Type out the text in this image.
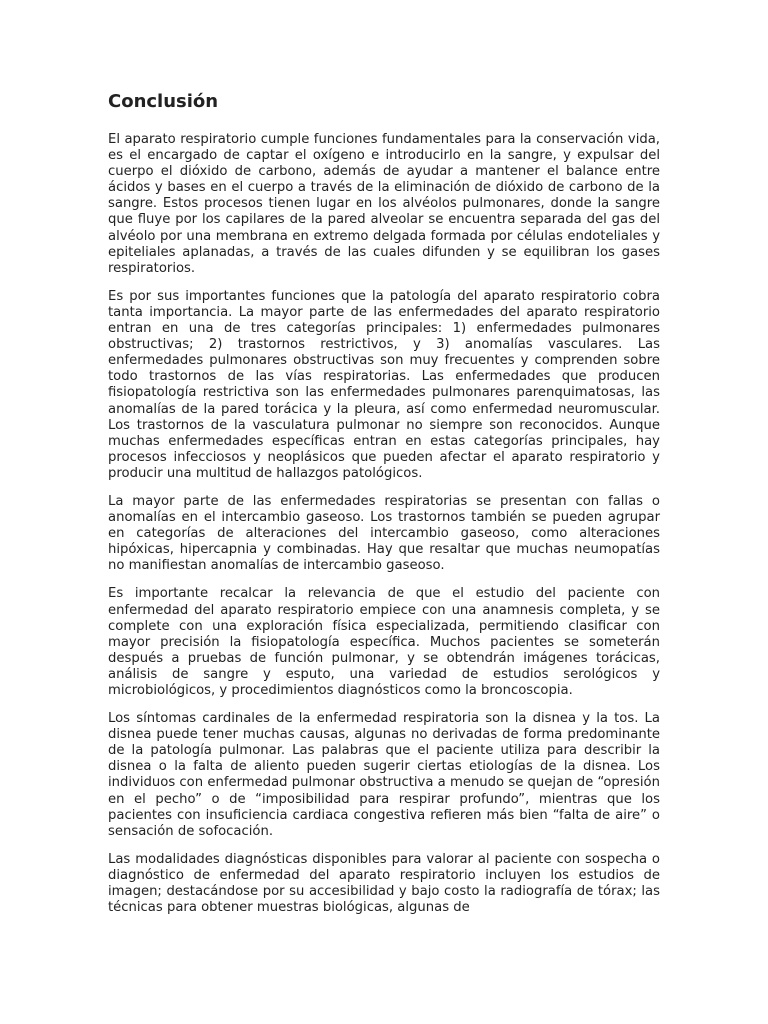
Conclusión

El aparato respiratorio cumple funciones fundamentales para la conservación vida, es el encargado de captar el oxígeno e introducirlo en la sangre, y expulsar del cuerpo el dióxido de carbono, además de ayudar a mantener el balance entre ácidos y bases en el cuerpo a través de la eliminación de dióxido de carbono de la sangre. Estos procesos tienen lugar en los alvéolos pulmonares, donde la sangre que fluye por los capilares de la pared alveolar se encuentra separada del gas del alvéolo por una membrana en extremo delgada formada por células endoteliales y epiteliales aplanadas, a través de las cuales difunden y se equilibran los gases respiratorios.

Es por sus importantes funciones que la patología del aparato respiratorio cobra tanta importancia. La mayor parte de las enfermedades del aparato respiratorio entran en una de tres categorías principales: 1) enfermedades pulmonares obstructivas; 2) trastornos restrictivos, y 3) anomalías vasculares. Las enfermedades pulmonares obstructivas son muy frecuentes y comprenden sobre todo trastornos de las vías respiratorias. Las enfermedades que producen fisiopatología restrictiva son las enfermedades pulmonares parenquimatosas, las anomalías de la pared torácica y la pleura, así como enfermedad neuromuscular. Los trastornos de la vasculatura pulmonar no siempre son reconocidos. Aunque muchas enfermedades específicas entran en estas categorías principales, hay procesos infecciosos y neoplásicos que pueden afectar el aparato respiratorio y producir una multitud de hallazgos patológicos.

La mayor parte de las enfermedades respiratorias se presentan con fallas o anomalías en el intercambio gaseoso. Los trastornos también se pueden agrupar en categorías de alteraciones del intercambio gaseoso, como alteraciones hipóxicas, hipercapnia y combinadas. Hay que resaltar que muchas neumopatías no manifiestan anomalías de intercambio gaseoso.

Es importante recalcar la relevancia de que el estudio del paciente con enfermedad del aparato respiratorio empiece con una anamnesis completa, y se complete con una exploración física especializada, permitiendo clasificar con mayor precisión la fisiopatología específica. Muchos pacientes se someterán después a pruebas de función pulmonar, y se obtendrán imágenes torácicas, análisis de sangre y esputo, una variedad de estudios serológicos y microbiológicos, y procedimientos diagnósticos como la broncoscopia.

Los síntomas cardinales de la enfermedad respiratoria son la disnea y la tos. La disnea puede tener muchas causas, algunas no derivadas de forma predominante de la patología pulmonar. Las palabras que el paciente utiliza para describir la disnea o la falta de aliento pueden sugerir ciertas etiologías de la disnea. Los individuos con enfermedad pulmonar obstructiva a menudo se quejan de “opresión en el pecho” o de “imposibilidad para respirar profundo”, mientras que los pacientes con insuficiencia cardiaca congestiva refieren más bien “falta de aire” o sensación de sofocación.

Las modalidades diagnósticas disponibles para valorar al paciente con sospecha o diagnóstico de enfermedad del aparato respiratorio incluyen los estudios de imagen; destacándose por su accesibilidad y bajo costo la radiografía de tórax; las técnicas para obtener muestras biológicas, algunas de
